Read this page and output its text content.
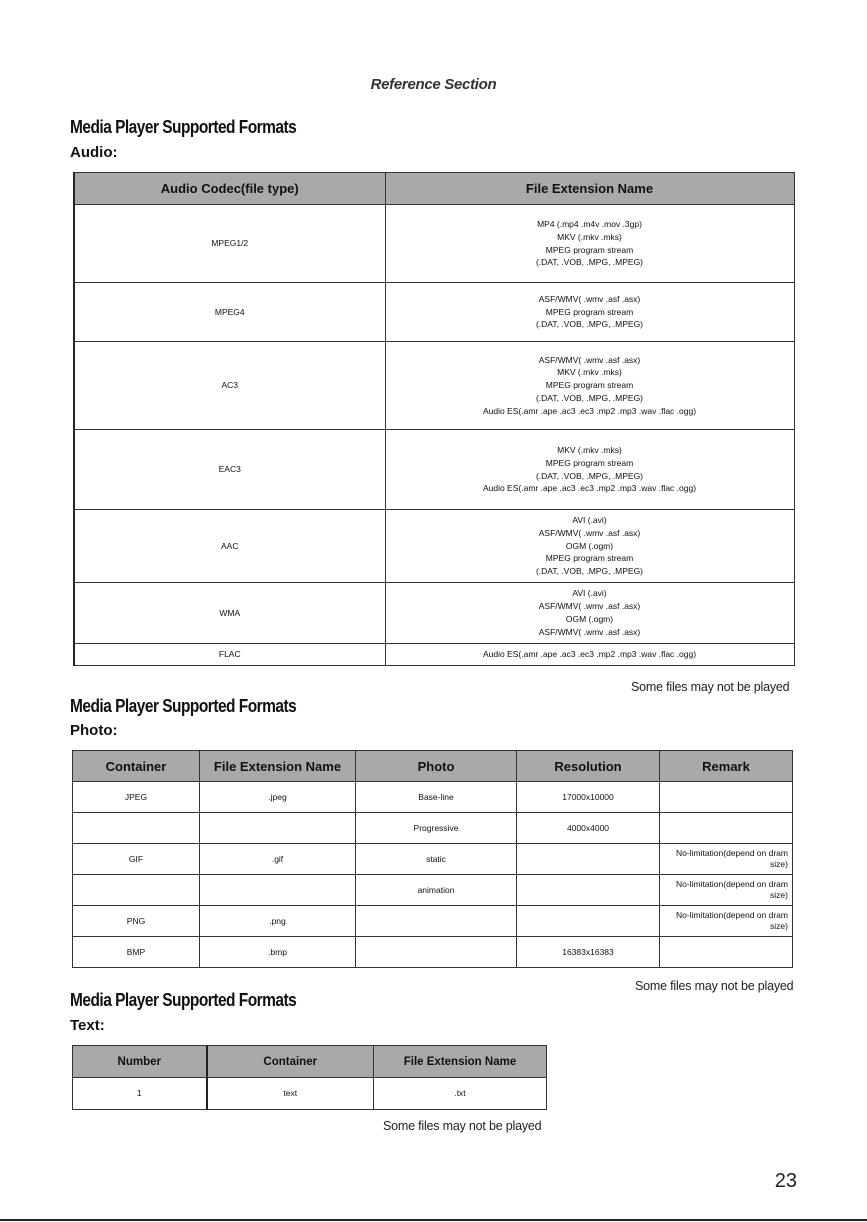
Reference Section
Media Player Supported Formats
Audio:
Audio Codec(file type)	File Extension Name
MPEG1/2	MP4 (.mp4 .m4v .mov .3gp)
MKV (.mkv .mks)
MPEG program stream
(.DAT, .VOB, .MPG, .MPEG)

MPEG4	ASF/WMV( .wmv .asf .asx)
MPEG program stream
(.DAT, .VOB, .MPG, .MPEG)

AC3	ASF/WMV( .wmv .asf .asx)
MKV (.mkv .mks)
MPEG program stream
(.DAT, .VOB, .MPG, .MPEG)
Audio ES(.amr .ape .ac3 .ec3 .mp2 .mp3 .wav .flac .ogg)

EAC3	MKV (.mkv .mks)
MPEG program stream
(.DAT, .VOB, .MPG, .MPEG)
Audio ES(.amr .ape .ac3 .ec3 .mp2 .mp3 .wav .flac .ogg)

AAC	AVI (.avi)
ASF/WMV( .wmv .asf .asx)
OGM (.ogm)
MPEG program stream
(.DAT, .VOB, .MPG, .MPEG)

WMA	AVI (.avi)
ASF/WMV( .wmv .asf .asx)
OGM (.ogm)
ASF/WMV( .wmv .asf .asx)

FLAC	Audio ES(.amr .ape .ac3 .ec3 .mp2 .mp3 .wav .flac .ogg)
Some files may not be played
Media Player Supported Formats
Photo:
Container	File Extension Name	Photo	Resolution	Remark
JPEG	.jpeg	Base-line	17000x10000	
		Progressive	4000x4000	
GIF	.gif	static		No-limitation(depend on dram size)
		animation		No-limitation(depend on dram size)
PNG	.png			No-limitation(depend on dram size)
BMP	.bmp		16383x16383	
Some files may not be played
Media Player Supported Formats
Text:
Number	Container	File Extension Name
1	text	.txt
Some files may not be played
23
